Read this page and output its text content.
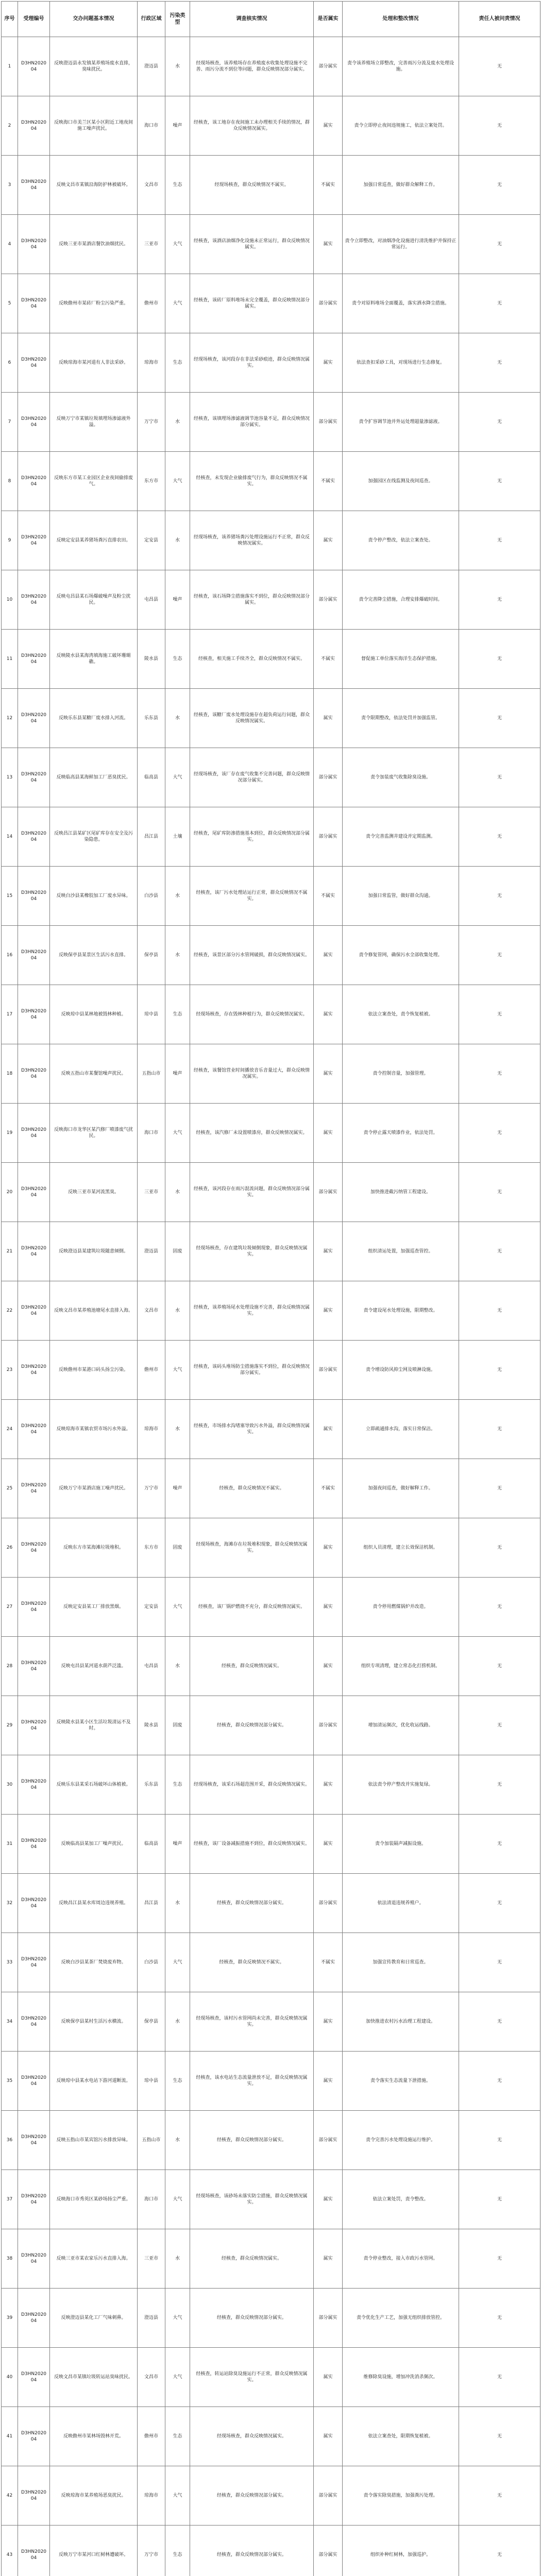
序号	受理编号	交办问题基本情况	行政区域	污染类型	调查核实情况	是否属实	处理和整改情况	责任人被问责情况
1	D3HN202004	反映澄迈县永发镇某养殖场废水直排，臭味扰民。	澄迈县	水	经现场核查，该养殖场存在养殖废水收集处理设施不完善、雨污分流不到位等问题，群众反映情况部分属实。	部分属实	责令该养殖场立即整改，完善雨污分流及废水处理设施。	无
2	D3HN202004	反映海口市美兰区某小区附近工地夜间施工噪声扰民。	海口市	噪声	经核查，该工地存在夜间施工未办理相关手续的情况，群众反映情况属实。	属实	责令立即停止夜间违规施工，依法立案处罚。	无
3	D3HN202004	反映文昌市某镇沿海防护林被破坏。	文昌市	生态	经现场核查，群众反映情况不属实。	不属实	加强日常巡查，做好群众解释工作。	无
4	D3HN202004	反映三亚市某酒店餐饮油烟扰民。	三亚市	大气	经核查，该酒店油烟净化设施未正常运行，群众反映情况属实。	属实	责令立即整改，对油烟净化设施进行清洗维护并保持正常运行。	无
5	D3HN202004	反映儋州市某砖厂粉尘污染严重。	儋州市	大气	经核查，该砖厂原料堆场未完全覆盖，群众反映情况部分属实。	部分属实	责令对原料堆场全面覆盖，落实洒水降尘措施。	无
6	D3HN202004	反映琼海市某河道有人非法采砂。	琼海市	生态	经现场核查，该河段存在非法采砂痕迹，群众反映情况属实。	属实	依法查扣采砂工具，对现场进行生态修复。	无
7	D3HN202004	反映万宁市某镇垃圾填埋场渗滤液外溢。	万宁市	水	经核查，该填埋场渗滤液调节池容量不足，群众反映情况部分属实。	部分属实	责令扩容调节池并外运处理超量渗滤液。	无
8	D3HN202004	反映东方市某工业园区企业夜间偷排废气。	东方市	大气	经核查，未发现企业偷排废气行为，群众反映情况不属实。	不属实	加强园区在线监测及夜间巡查。	无
9	D3HN202004	反映定安县某养猪场粪污直排农田。	定安县	水	经现场核查，该养猪场粪污处理设施运行不正常，群众反映情况属实。	属实	责令停产整改，依法立案查处。	无
10	D3HN202004	反映屯昌县某石场爆破噪声及粉尘扰民。	屯昌县	噪声	经核查，该石场降尘措施落实不到位，群众反映情况部分属实。	部分属实	责令完善降尘措施，合理安排爆破时间。	无
11	D3HN202004	反映陵水县某海湾填海施工破坏珊瑚礁。	陵水县	生态	经核查，相关施工手续齐全，群众反映情况不属实。	不属实	督促施工单位落实海洋生态保护措施。	无
12	D3HN202004	反映乐东县某糖厂废水排入河流。	乐东县	水	经核查，该糖厂废水处理设施存在超负荷运行问题，群众反映情况属实。	属实	责令限期整改，依法处罚并加强监管。	无
13	D3HN202004	反映临高县某海鲜加工厂恶臭扰民。	临高县	大气	经现场核查，该厂存在废气收集不完善问题，群众反映情况部分属实。	部分属实	责令加装废气收集除臭设施。	无
14	D3HN202004	反映昌江县某矿区尾矿库存在安全及污染隐患。	昌江县	土壤	经核查，尾矿库防渗措施基本到位，群众反映情况部分属实。	部分属实	责令完善监测井建设并定期监测。	无
15	D3HN202004	反映白沙县某橡胶加工厂废水异味。	白沙县	水	经核查，该厂污水处理站运行正常，群众反映情况不属实。	不属实	加强日常监管，做好群众沟通。	无
16	D3HN202004	反映保亭县某景区生活污水直排。	保亭县	水	经核查，该景区部分污水管网破损，群众反映情况属实。	属实	责令修复管网，确保污水全部收集处理。	无
17	D3HN202004	反映琼中县某林地被毁林种植。	琼中县	生态	经现场核查，存在毁林种植行为，群众反映情况属实。	属实	依法立案查处，责令恢复植被。	无
18	D3HN202004	反映五指山市某餐馆噪声扰民。	五指山市	噪声	经核查，该餐馆营业时间播放音乐音量过大，群众反映情况属实。	属实	责令控制音量，加强管理。	无
19	D3HN202004	反映海口市龙华区某汽修厂喷漆废气扰民。	海口市	大气	经核查，该汽修厂未设置喷漆房，群众反映情况属实。	属实	责令停止露天喷漆作业，依法处罚。	无
20	D3HN202004	反映三亚市某河流黑臭。	三亚市	水	经核查，该河段存在雨污混流问题，群众反映情况部分属实。	部分属实	加快推进截污纳管工程建设。	无
21	D3HN202004	反映澄迈县某建筑垃圾随意倾倒。	澄迈县	固废	经现场核查，存在建筑垃圾倾倒现象，群众反映情况属实。	属实	组织清运处置，加强巡查管控。	无
22	D3HN202004	反映文昌市某养殖池塘尾水直排入海。	文昌市	水	经核查，该养殖场尾水处理设施不完善，群众反映情况属实。	属实	责令建设尾水处理设施，限期整改。	无
23	D3HN202004	反映儋州市某港口码头扬尘污染。	儋州市	大气	经核查，该码头堆场防尘措施落实不到位，群众反映情况部分属实。	部分属实	责令增设防风抑尘网及喷淋设施。	无
24	D3HN202004	反映琼海市某镇农贸市场污水外溢。	琼海市	水	经核查，市场排水沟堵塞导致污水外溢，群众反映情况属实。	属实	立即疏通排水沟，落实日常保洁。	无
25	D3HN202004	反映万宁市某酒店施工噪声扰民。	万宁市	噪声	经核查，群众反映情况不属实。	不属实	加强夜间巡查，做好解释工作。	无
26	D3HN202004	反映东方市某海滩垃圾堆积。	东方市	固废	经现场核查，海滩存在垃圾堆积现象，群众反映情况属实。	属实	组织人员清理，建立长效保洁机制。	无
27	D3HN202004	反映定安县某工厂排放黑烟。	定安县	大气	经核查，该厂锅炉燃烧不充分，群众反映情况属实。	属实	责令停用燃煤锅炉并改造。	无
28	D3HN202004	反映屯昌县某河道水葫芦泛滥。	屯昌县	水	经核查，群众反映情况属实。	属实	组织专项清理，建立常态化打捞机制。	无
29	D3HN202004	反映陵水县某小区生活垃圾清运不及时。	陵水县	固废	经核查，群众反映情况部分属实。	部分属实	增加清运频次，优化收运线路。	无
30	D3HN202004	反映乐东县某采石场破坏山体植被。	乐东县	生态	经现场核查，该采石场超范围开采，群众反映情况属实。	属实	依法责令停产整改并实施复绿。	无
31	D3HN202004	反映临高县某加工厂噪声扰民。	临高县	噪声	经核查，该厂设备减振措施不到位，群众反映情况属实。	属实	责令加装隔声减振设施。	无
32	D3HN202004	反映昌江县某水库周边违规养殖。	昌江县	水	经核查，群众反映情况部分属实。	部分属实	依法清退违规养殖户。	无
33	D3HN202004	反映白沙县某茶厂焚烧废弃物。	白沙县	大气	经核查，群众反映情况不属实。	不属实	加强宣传教育和日常巡查。	无
34	D3HN202004	反映保亭县某村生活污水横流。	保亭县	水	经现场核查，该村污水管网尚未完善，群众反映情况属实。	属实	加快推进农村污水治理工程建设。	无
35	D3HN202004	反映琼中县某水电站下游河道断流。	琼中县	生态	经核查，该水电站生态流量泄放不足，群众反映情况属实。	属实	责令落实生态流量下泄措施。	无
36	D3HN202004	反映五指山市某宾馆污水排放异味。	五指山市	水	经核查，群众反映情况部分属实。	部分属实	责令完善污水处理设施运行维护。	无
37	D3HN202004	反映海口市秀英区某砂场扬尘严重。	海口市	大气	经现场核查，该砂场未落实防尘措施，群众反映情况属实。	属实	依法立案处罚，责令整改。	无
38	D3HN202004	反映三亚市某农家乐污水直排入海。	三亚市	水	经核查，群众反映情况属实。	属实	责令停业整改，接入市政污水管网。	无
39	D3HN202004	反映澄迈县某化工厂气味刺鼻。	澄迈县	大气	经核查，群众反映情况部分属实。	部分属实	责令优化生产工艺，加强无组织排放管控。	无
40	D3HN202004	反映文昌市某镇垃圾转运站臭味扰民。	文昌市	大气	经核查，转运站除臭设施运行不正常，群众反映情况属实。	属实	维修除臭设施，增加冲洗消杀频次。	无
41	D3HN202004	反映儋州市某林场毁林开荒。	儋州市	生态	经现场核查，群众反映情况属实。	属实	依法立案查处，限期恢复植被。	无
42	D3HN202004	反映琼海市某养殖场恶臭扰民。	琼海市	大气	经核查，群众反映情况部分属实。	部分属实	责令落实除臭措施，加强粪污处理。	无
43	D3HN202004	反映万宁市某河口红树林遭破坏。	万宁市	生态	经核查，群众反映情况部分属实。	部分属实	组织补种红树林，加强巡护。	无
